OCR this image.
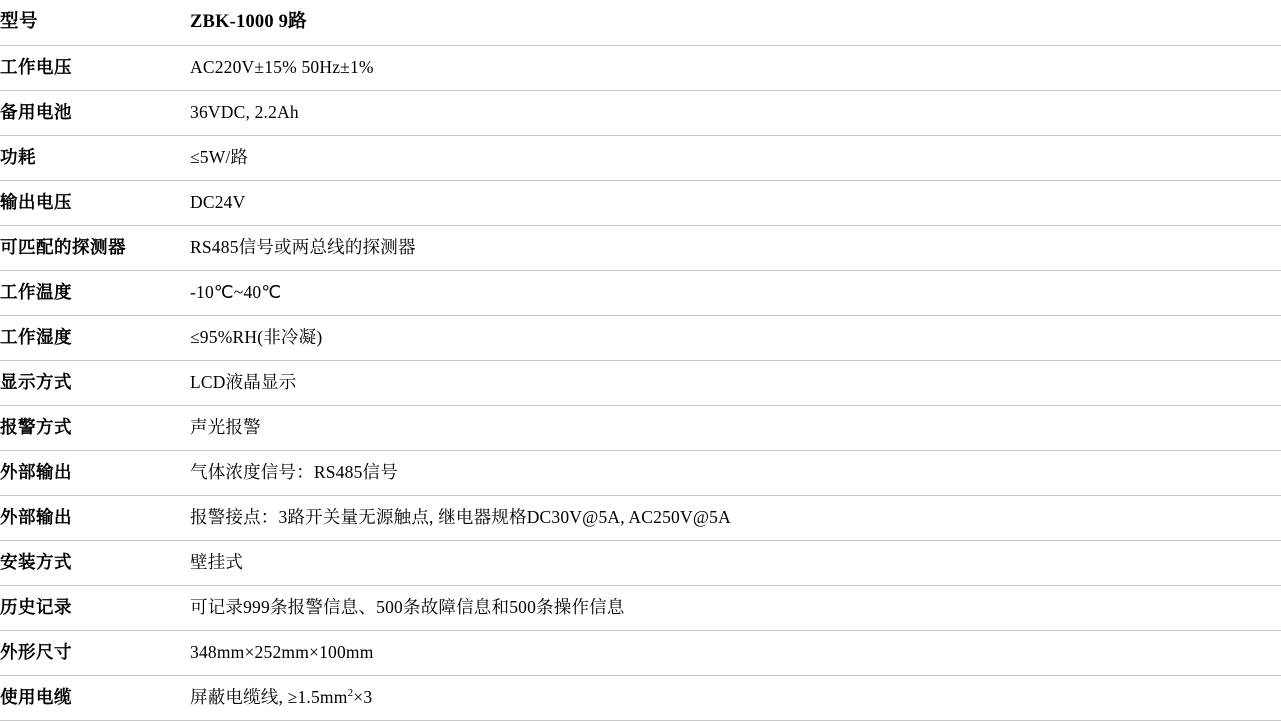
型号	ZBK-1000 9路
工作电压	AC220V±15% 50Hz±1%
备用电池	36VDC, 2.2Ah
功耗	≤5W/路
输出电压	DC24V
可匹配的探测器	RS485信号或两总线的探测器
工作温度	-10℃~40℃
工作湿度	≤95%RH(非冷凝)
显示方式	LCD液晶显示
报警方式	声光报警
外部输出	气体浓度信号：RS485信号
外部输出	报警接点：3路开关量无源触点, 继电器规格DC30V@5A, AC250V@5A
安装方式	壁挂式
历史记录	可记录999条报警信息、500条故障信息和500条操作信息
外形尺寸	348mm×252mm×100mm
使用电缆	屏蔽电缆线, $\ge 1.5mm^2\times 3$
